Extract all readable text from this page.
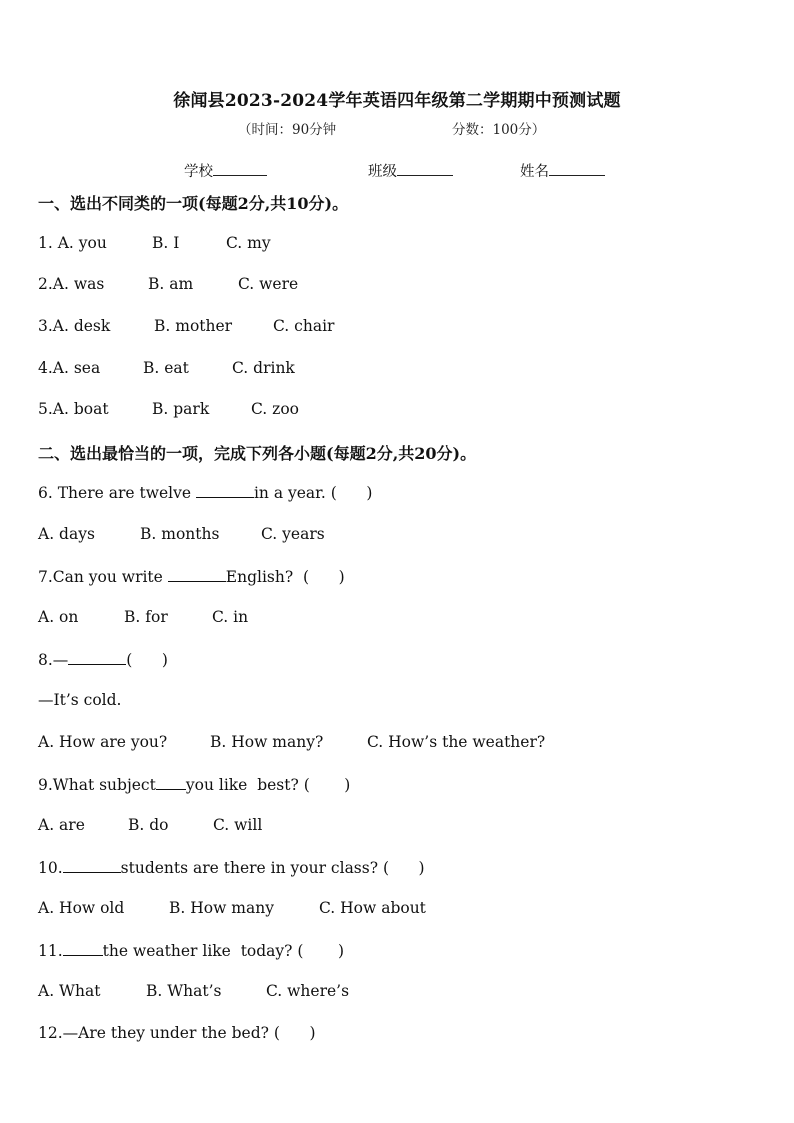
徐闻县2023-2024学年英语四年级第二学期期中预测试题
（时间：90分钟	分数：100分）
学校	班级	姓名
一、选出不同类的一项(每题2分,共10分)。
1. A. you	B. I	C. my
2.A. was	B. am	C. were
3.A. desk	B. mother	C. chair
4.A. sea	B. eat	C. drink
5.A. boat	B. park	C. zoo
二、选出最恰当的一项，完成下列各小题(每题2分,共20分)。
6. There are twelve	in a year. (      )
A. days	B. months	C. years
7.Can you write	English?  (      )
A. on	B. for	C. in
8.—	(      )
—It’s cold.
A. How are you?	B. How many?	C. How’s the weather?
9.What subject you like  best? (       )
A. are	B. do	C. will
10.	students are there in your class? (      )
A. How old	B. How many	C. How about
11.	the weather like  today? (       )
A. What	B. What’s	C. where’s
12.—Are they under the bed? (      )
